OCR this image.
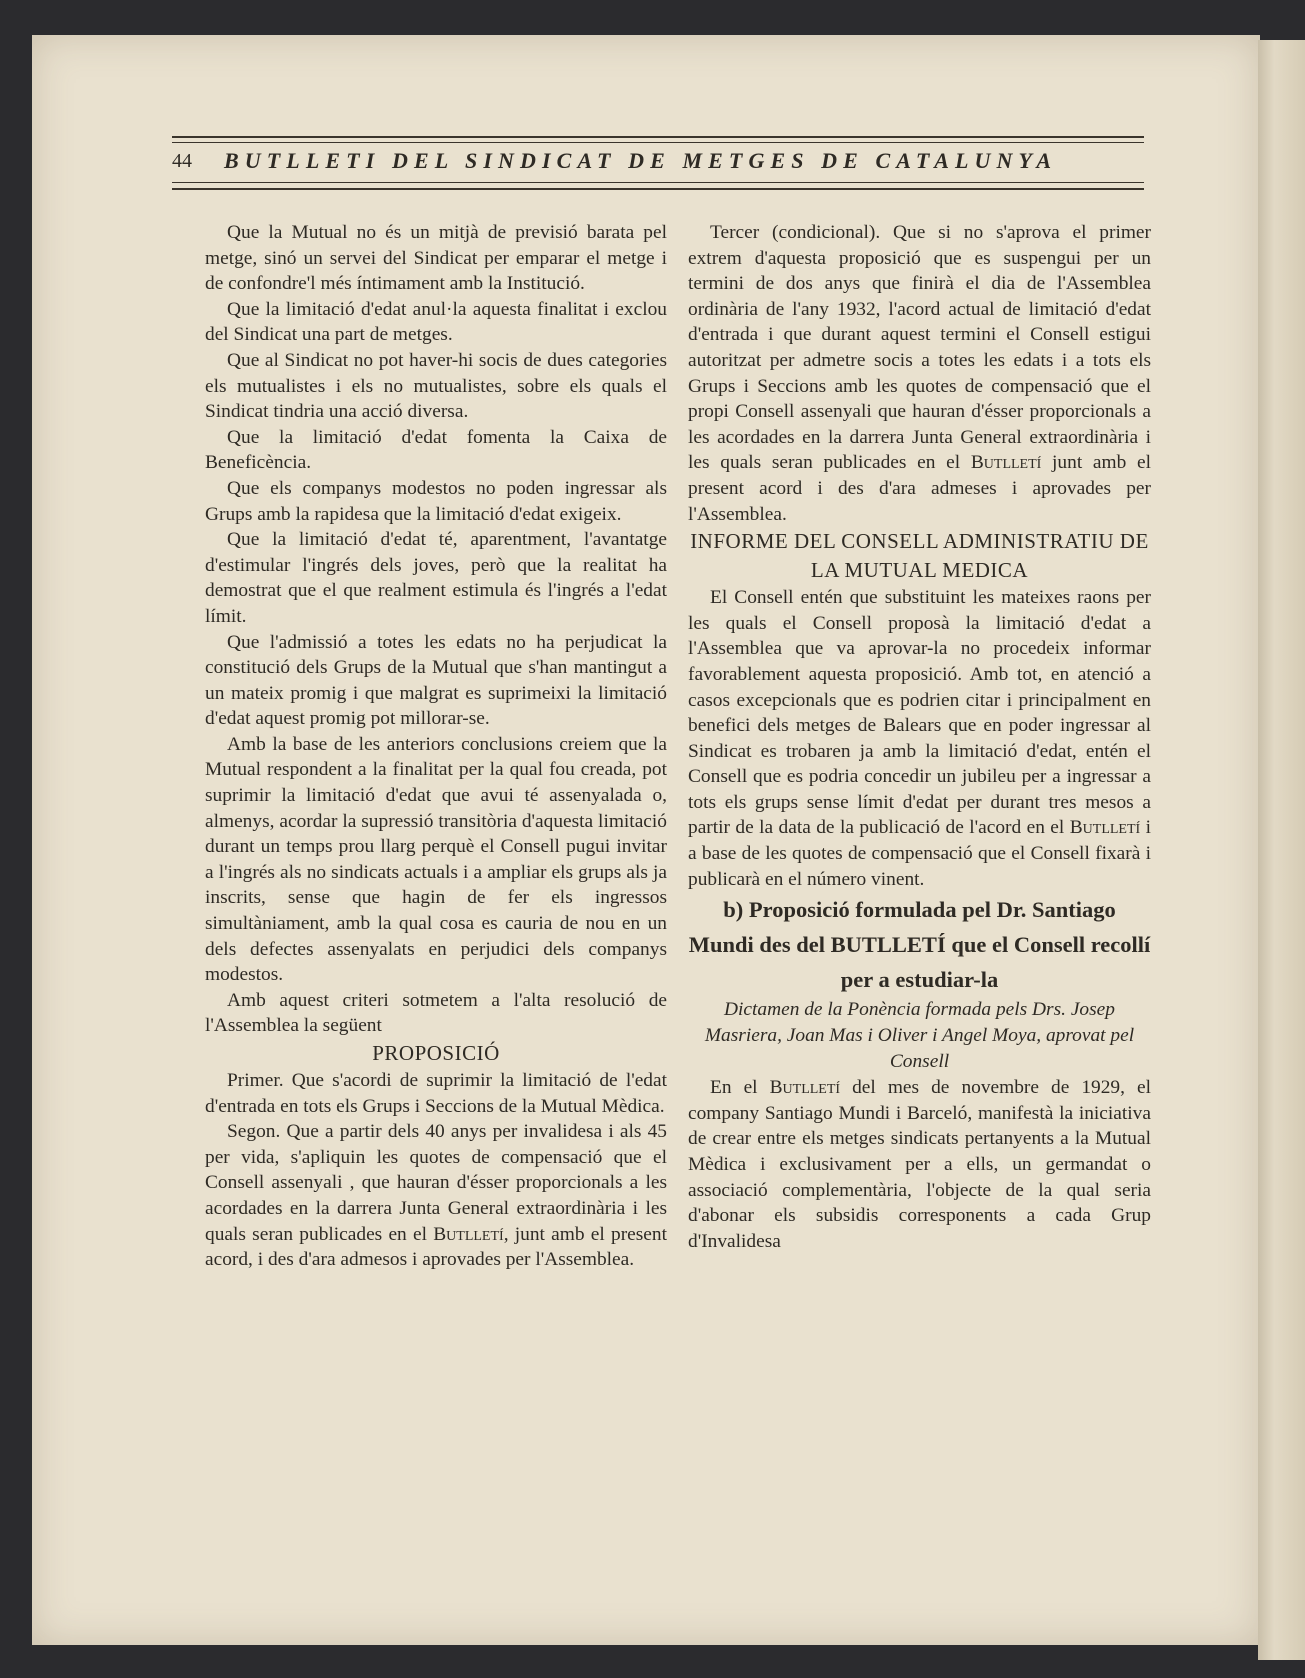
44 BUTLLETI DEL SINDICAT DE METGES DE CATALUNYA

Que la Mutual no és un mitjà de previsió barata pel metge, sinó un servei del Sindicat per emparar el metge i de confondre'l més íntimament amb la Institució.

Que la limitació d'edat anul·la aquesta finalitat i exclou del Sindicat una part de metges.

Que al Sindicat no pot haver-hi socis de dues categories els mutualistes i els no mutualistes, sobre els quals el Sindicat tindria una acció diversa.

Que la limitació d'edat fomenta la Caixa de Beneficència.

Que els companys modestos no poden ingressar als Grups amb la rapidesa que la limitació d'edat exigeix.

Que la limitació d'edat té, aparentment, l'avantatge d'estimular l'ingrés dels joves, però que la realitat ha demostrat que el que realment estimula és l'ingrés a l'edat límit.

Que l'admissió a totes les edats no ha perjudicat la constitució dels Grups de la Mutual que s'han mantingut a un mateix promig i que malgrat es suprimeixi la limitació d'edat aquest promig pot millorar-se.

Amb la base de les anteriors conclusions creiem que la Mutual respondent a la finalitat per la qual fou creada, pot suprimir la limitació d'edat que avui té assenyalada o, almenys, acordar la supressió transitòria d'aquesta limitació durant un temps prou llarg perquè el Consell pugui invitar a l'ingrés als no sindicats actuals i a ampliar els grups als ja inscrits, sense que hagin de fer els ingressos simultàniament, amb la qual cosa es cauria de nou en un dels defectes assenyalats en perjudici dels companys modestos.

Amb aquest criteri sotmetem a l'alta resolució de l'Assemblea la següent

PROPOSICIÓ

Primer. Que s'acordi de suprimir la limitació de l'edat d'entrada en tots els Grups i Seccions de la Mutual Mèdica.

Segon. Que a partir dels 40 anys per invalidesa i als 45 per vida, s'apliquin les quotes de compensació que el Consell assenyali , que hauran d'ésser proporcionals a les acordades en la darrera Junta General extraordinària i les quals seran publicades en el Butlletí, junt amb el present acord, i des d'ara admesos i aprovades per l'Assemblea.

Tercer (condicional). Que si no s'aprova el primer extrem d'aquesta proposició que es suspengui per un termini de dos anys que finirà el dia de l'Assemblea ordinària de l'any 1932, l'acord actual de limitació d'edat d'entrada i que durant aquest termini el Consell estigui autoritzat per admetre socis a totes les edats i a tots els Grups i Seccions amb les quotes de compensació que el propi Consell assenyali que hauran d'ésser proporcionals a les acordades en la darrera Junta General extraordinària i les quals seran publicades en el Butlletí junt amb el present acord i des d'ara admeses i aprovades per l'Assemblea.

INFORME DEL CONSELL ADMINISTRATIU DE LA MUTUAL MEDICA

El Consell entén que substituint les mateixes raons per les quals el Consell proposà la limitació d'edat a l'Assemblea que va aprovar-la no procedeix informar favorablement aquesta proposició. Amb tot, en atenció a casos excepcionals que es podrien citar i principalment en benefici dels metges de Balears que en poder ingressar al Sindicat es trobaren ja amb la limitació d'edat, entén el Consell que es podria concedir un jubileu per a ingressar a tots els grups sense límit d'edat per durant tres mesos a partir de la data de la publicació de l'acord en el Butlletí i a base de les quotes de compensació que el Consell fixarà i publicarà en el número vinent.

b) Proposició formulada pel Dr. Santiago Mundi des del BUTLLETÍ que el Consell recollí per a estudiar-la

Dictamen de la Ponència formada pels Drs. Josep Masriera, Joan Mas i Oliver i Angel Moya, aprovat pel Consell

En el Butlletí del mes de novembre de 1929, el company Santiago Mundi i Barceló, manifestà la iniciativa de crear entre els metges sindicats pertanyents a la Mutual Mèdica i exclusivament per a ells, un germandat o associació complementària, l'objecte de la qual seria d'abonar els subsidis corresponents a cada Grup d'Invalidesa
